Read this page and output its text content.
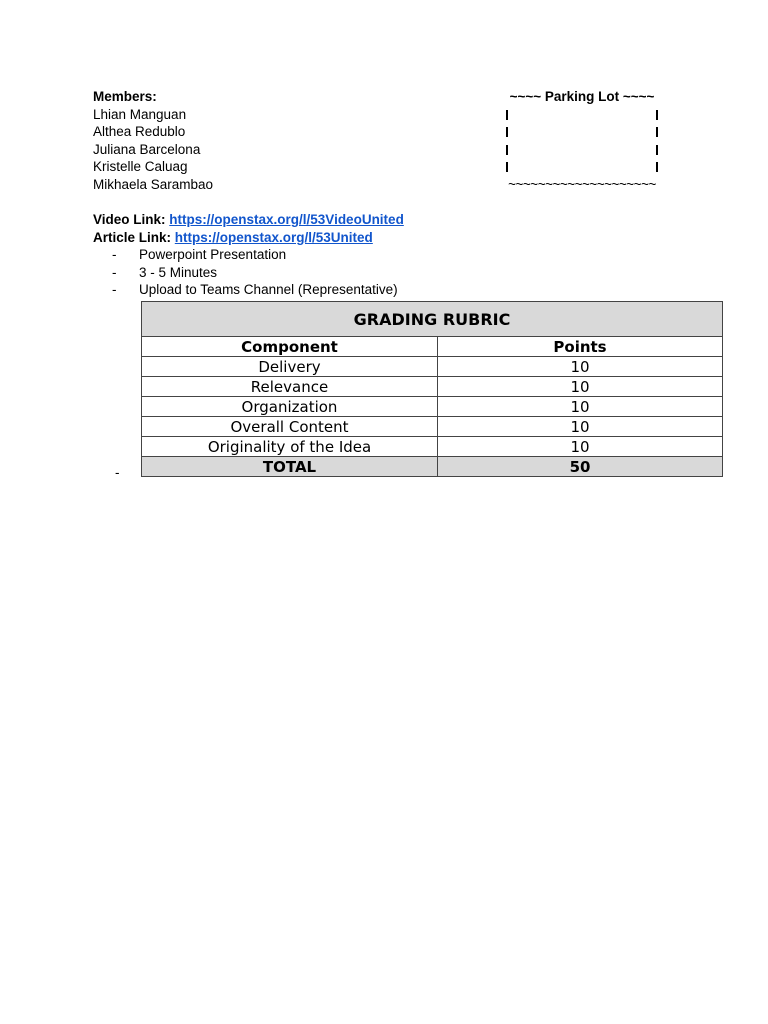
Members:
Lhian Manguan
Althea Redublo
Juliana Barcelona
Kristelle Caluag
Mikhaela Sarambao
~~~~ Parking Lot ~~~~
~~~~~~~~~~~~~~~~~~~~
Video Link: https://openstax.org/l/53VideoUnited
Article Link: https://openstax.org/l/53United
-	Powerpoint Presentation
-	3 - 5 Minutes
-	Upload to Teams Channel (Representative)
-
GRADING RUBRIC	
Component	Points
Delivery	10
Relevance	10
Organization	10
Overall Content	10
Originality of the Idea	10
TOTAL	50
